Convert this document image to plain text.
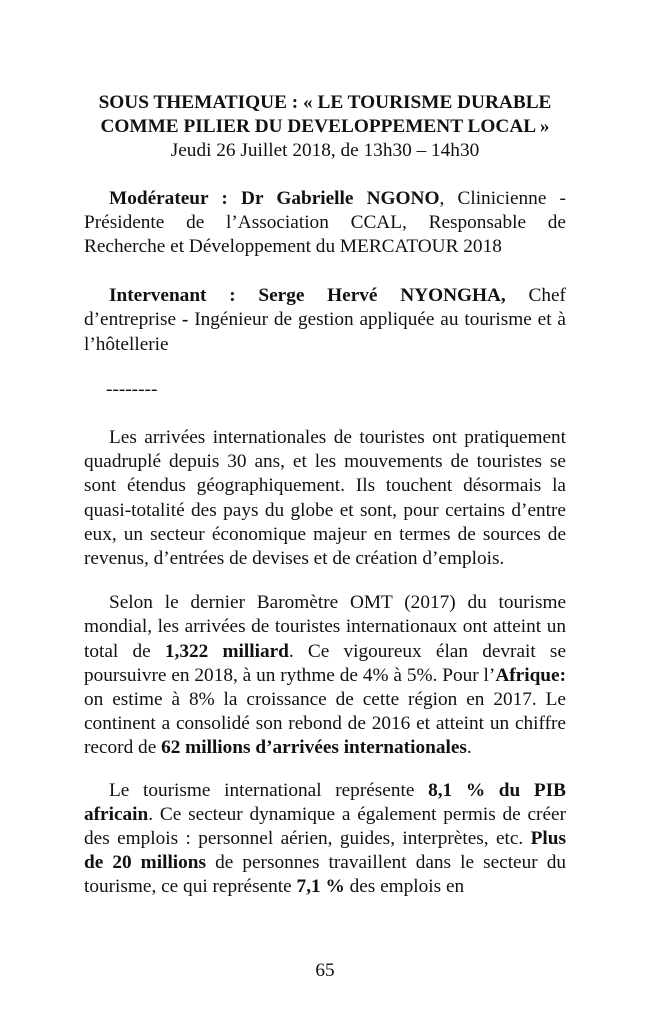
SOUS THEMATIQUE : « LE TOURISME DURABLE
COMME PILIER DU DEVELOPPEMENT LOCAL »
Jeudi 26 Juillet 2018, de 13h30 – 14h30

Modérateur : Dr Gabrielle NGONO, Clinicienne - Présidente de l’Association CCAL, Responsable de Recherche et Développement du MERCATOUR 2018

Intervenant : Serge Hervé NYONGHA, Chef d’entreprise - Ingénieur de gestion appliquée au tourisme et à l’hôtellerie

--------

Les arrivées internationales de touristes ont pratiquement quadruplé depuis 30 ans, et les mouvements de touristes se sont étendus géographiquement. Ils touchent désormais la quasi-totalité des pays du globe et sont, pour certains d’entre eux, un secteur économique majeur en termes de sources de revenus, d’entrées de devises et de création d’emplois.

Selon le dernier Baromètre OMT (2017) du tourisme mondial, les arrivées de touristes internationaux ont atteint un total de 1,322 milliard. Ce vigoureux élan devrait se poursuivre en 2018, à un rythme de 4% à 5%. Pour l’Afrique: on estime à 8% la croissance de cette région en 2017. Le continent a consolidé son rebond de 2016 et atteint un chiffre record de 62 millions d’arrivées internationales.

Le tourisme international représente 8,1 % du PIB africain. Ce secteur dynamique a également permis de créer des emplois : personnel aérien, guides, interprètes, etc. Plus de 20 millions de personnes travaillent dans le secteur du tourisme, ce qui représente 7,1 % des emplois en

65
